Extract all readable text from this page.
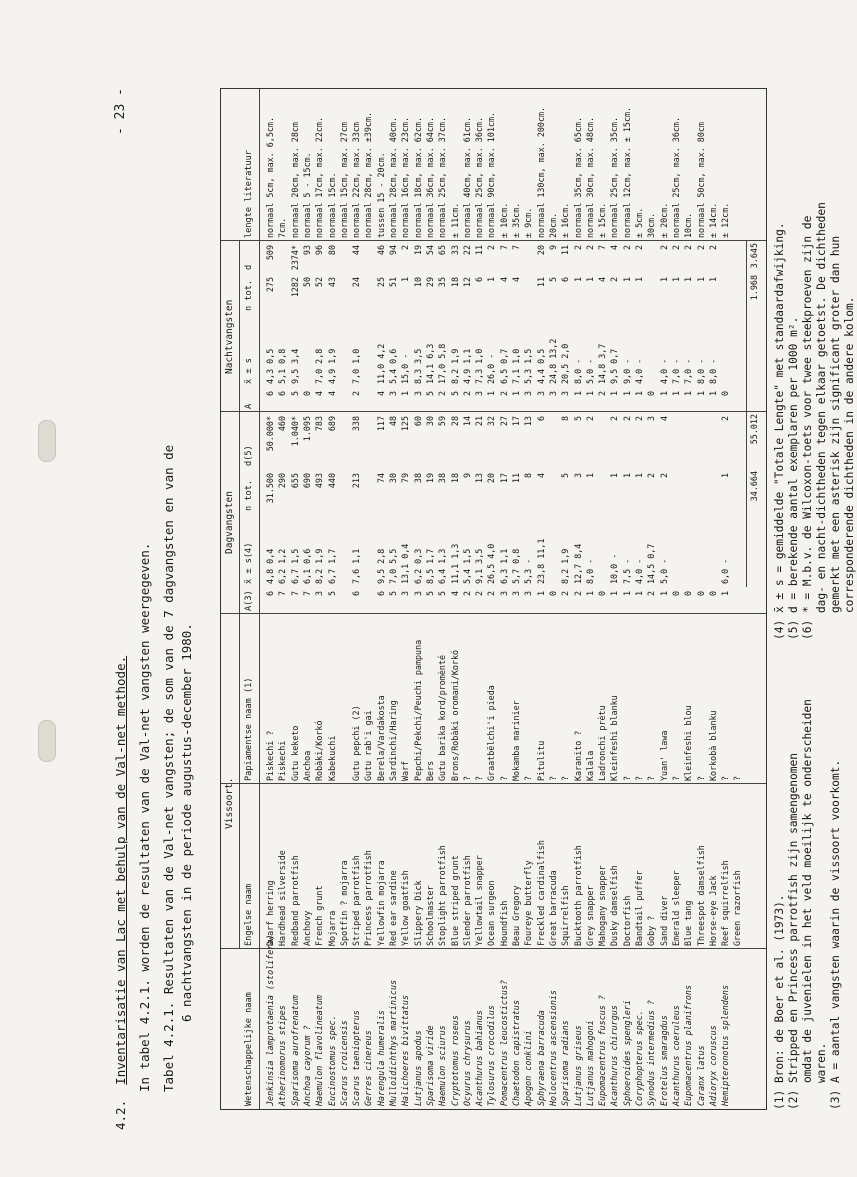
- 23 -
4.2.  Inventarisatie van Lac met behulp van de Val-net methode. In tabel 4.2.1. worden de resultaten van de Val-net vangsten weergegeven. Tabel 4.2.1. Resultaten van de Val-net vangsten; de som van de 7 dagvangsten en van de 6 nachtvangsten in de periode augustus-december 1980.	Vissoort.
Dagvangsten
Nachtvangsten
Wetenschappelijke naam
Engelse naam
Papiamentse naam (1)
A(3)
x̄ ± s(4)
n tot.
d(5)
A
x̄ ± s
n tot.
d
lengte literatuur
Jenkinsia lamprotaenia (stolifera)
Dwarf herring
Piskechi ?
6
4,8 0,4
31.500
50.000*
6
4,3 0,5
275
509
normaal 5cm, max. 6,5cm.
Atherinomorus stipes
Hardhead silverside
Piskechi
7
6,2 1,2
290
460
6
5,1 0,8
7cm.
Sparisoma aurofrenatum
Redband parrotfish
Gutu keketo
7
6,7 1,5
655
1.040*
5
9,5 3,4
1282
2374*
normaal 20cm, max. 28cm
Anchoa cayorum ?
Anchovy
Anchoa
7
6,1 0,6
690
1.095
0
50
93
normaal 5 - 15cm.
Haemulon flavolineatum
French grunt
Robàki/Korkó
3
8,2 1,9
493
783
4
7,0 2,8
52
96
normaal 17cm, max. 22cm.
Eucinostomus spec.
Mojarra
Kabekuchi
5
6,7 1,7
440
689
4
4,9 1,9
43
80
normaal 15cm.
Scarus croicensis
Spotfin ? mojarra
normaal 15cm, max. 27cm
Scarus taeniopterus
Striped parrotfish
Gutu pepchi (2)
6
7,6 1,1
213
338
2
7,0 1,0
24
44
normaal 22cm, max. 33cm
Gerres cinereus
Princess parrotfish
Gutu rab'i gai
normaal 28cm, max. ±39cm.
Harengula humeralis
Yellowfin mojarra
Berela/Vardakosta
6
9,5 2,8
74
117
4
11,0 4,2
25
46
tussen 15 - 20cm.
Mulloidichthys martinicus
Red ear sardine
Sardinchi/Haring
5
7,0 5,5
30
48
3
5,4 0,6
51
94
normaal 28cm, max. 40cm.
Halichoeres bivittatus
Yellow goatfish
Warf
3
13,1 0,4
79
125
1
15,0 -
1
2
normaal 16cm, max. 23cm.
Lutjanus apodus
Slippery Dick
Pepchi/Pekchi/Peuchi pampuna
3
6,2 0,3
38
60
3
8,3 3,5
10
19
normaal 18cm, max. 62cm.
Sparisoma viride
Schoolmaster
Bers
5
8,5 1,7
19
30
5
14,1 6,3
29
54
normaal 36cm, max. 64cm.
Haemulon sciurus
Stoplight parrotfish
Gutu barika kord/promènté
5
6,4 1,3
38
59
2
17,0 5,8
35
65
normaal 25cm, max. 37cm.
Cryptotomus roseus
Blue striped grunt
Brons/Robàki oromani/Korkó
4
11,1 1,3
18
28
5
8,2 1,9
18
33
± 11cm.
Ocyurus chrysurus
Slender parrotfish
?
2
5,4 1,5
9
14
2
4,9 1,1
12
22
normaal 40cm, max. 61cm.
Acanthurus bahianus
Yellowtail snapper
?
2
9,1 3,5
13
21
3
7,3 1,0
6
11
normaal 25cm, max. 36cm.
Tylosurus crocodilus
Ocean surgeon
Graatbëlchi'i pieda
2
26,5 4,0
20
32
1
26,0 -
1
2
normaal 90cm, max. 101cm.
Pomacentrus leucostictus?
Houndfish
?
3
6,3 1,1
17
27
2
6,5 0,7
4
7
± 10cm.
Chaetodon capistratus
Beau Gregory
Mokamba marinier
3
5,7 0,8
11
17
1
7,1 1,0
4
7
± 35cm.
Apogon conklini
Foureye butterfly
?
3
5,3 -
8
13
3
5,3 1,5
± 9cm.
Sphyraena barracuda
Freckled cardinalfish
Pitulitu
1
23,8 11,1
4
6
3
4,4 0,5
11
20
normaal 130cm, max. 200cm.
Holocentrus ascensionis
Great barracuda
?
0
3
24,8 13,2
5
9
20cm.
Sparisoma radians
Squirrelfish
?
2
8,2 1,9
5
8
3
20,5 2,0
6
11
± 16cm.
Lutjanus griseus
Bucktooth parrotfish
Karanito ?
2
12,7 8,4
3
5
1
8,0 -
1
2
normaal 35cm, max. 65cm.
Lutjanus mahogoni
Grey snapper
Kalala
1
8,0 -
1
2
1
5,0 -
1
2
normaal 30cm, max. 48cm.
Eupomacentrus fuscus ?
Mahogany snapper
Ladronchi prètu
0
2
14,8 3,7
4
7
± 15cm.
Acanthurus chirurgus
Dusky damselfish
Kleinfeshi blanku
1
10,0 -
1
2
1
9,5 0,7
2
4
normaal 25cm, max. 35cm.
Sphoeroides spengleri
Doctorfish
?
1
7,5 -
1
2
1
9,0 -
1
2
normaal 12cm, max. ± 15cm.
Coryphopterus spec.
Bandtail puffer
?
1
4,0 -
1
2
1
4,0 -
1
2
± 5cm.
Synodus intermedius ?
Goby ?
?
2
14,5 0,7
2
3
0
30cm.
Erotelus smaragdus
Sand diver
Yuan' lawa
1
5,0 -
2
4
1
4,0 -
1
2
± 20cm.
Acanthurus coeruleus
Emerald sleeper
?
0
1
7,0 -
1
2
normaal 25cm, max. 36cm.
Eupomacentrus planifrons
Blue tang
Kleinfeshi blou
0
1
7,0 -
1
2
10cm.
Caranx latus
Threespot damselfish
?
0
1
8,0 -
1
2
normaal 50cm, max. 80cm
Adioryx coruscus
Horse-eye Jack
Korkobà blanku
0
1
8,0 -
1
2
± 14cm.
Hemipteronotus splendens
Reef squirrelfish
?
1
6,0 -
1
2
0
± 12cm.
Green razorfish
?
34.664
55.012
1.968
3.645
(1) Bron: de Boer et al. (1973). (2) Stripped en Princess parrotfish zijn samengenomen omdat de juvenielen in het veld moeilijk te onderscheiden waren. (3) A = aantal vangsten waarin de vissoort voorkomt.
(4) x̄ ± s = gemiddelde "Totale Lengte" met standaardafwijking. (5) d = berekende aantal exemplaren per 1000 m². (6) * = M.b.v. de Wilcoxon-toets voor twee steekproeven zijn de dag- en nacht-dichtheden tegen elkaar getoetst. De dichtheden gemerkt met een asterisk zijn significant groter dan hun corresponderende dichtheden in de andere kolom.
